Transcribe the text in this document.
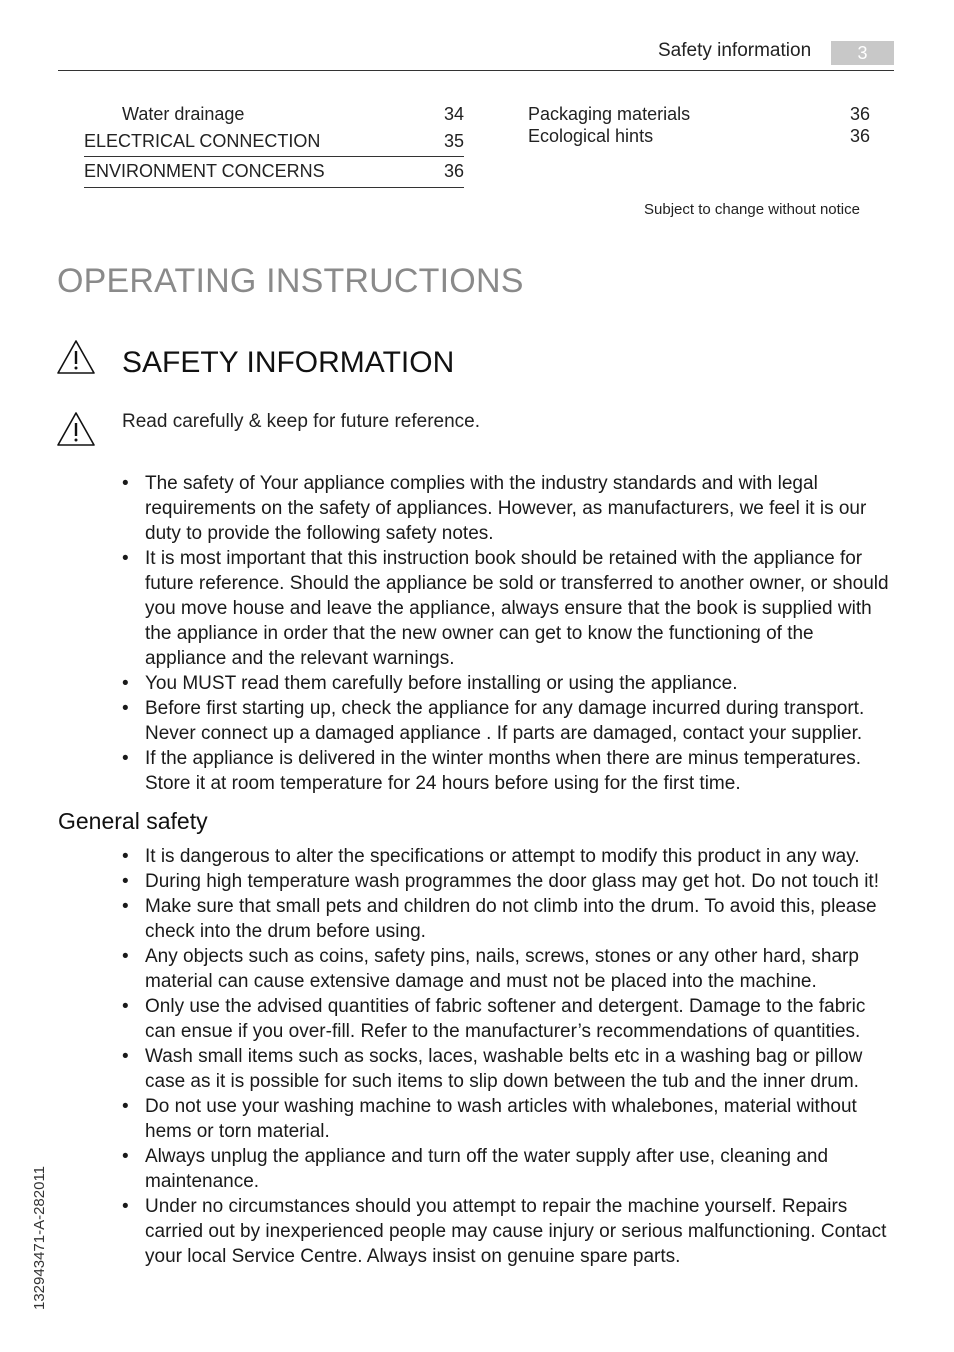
Safety information	3
Water drainage	34
ELECTRICAL CONNECTION	35
ENVIRONMENT CONCERNS	36
Packaging materials	36
Ecological hints	36
Subject to change without notice
OPERATING INSTRUCTIONS
SAFETY INFORMATION
Read carefully & keep for future reference.
• The safety of Your appliance complies with the industry standards and with legal requirements on the safety of appliances. However, as manufacturers, we feel it is our duty to provide the following safety notes.
• It is most important that this instruction book should be retained with the appliance for future reference. Should the appliance be sold or transferred to another owner, or should you move house and leave the appliance, always ensure that the book is supplied with the appliance in order that the new owner can get to know the functioning of the appliance and the relevant warnings.
• You MUST read them carefully before installing or using the appliance.
• Before first starting up, check the appliance for any damage incurred during transport. Never connect up a damaged appliance . If parts are damaged, contact your supplier.
• If the appliance is delivered in the winter months when there are minus temperatures. Store it at room temperature for 24 hours before using for the first time.
General safety
• It is dangerous to alter the specifications or attempt to modify this product in any way.
• During high temperature wash programmes the door glass may get hot. Do not touch it!
• Make sure that small pets and children do not climb into the drum. To avoid this, please check into the drum before using.
• Any objects such as coins, safety pins, nails, screws, stones or any other hard, sharp material can cause extensive damage and must not be placed into the machine.
• Only use the advised quantities of fabric softener and detergent. Damage to the fabric can ensue if you over-fill. Refer to the manufacturer’s recommendations of quantities.
• Wash small items such as socks, laces, washable belts etc in a washing bag or pillow case as it is possible for such items to slip down between the tub and the inner drum.
• Do not use your washing machine to wash articles with whalebones, material without hems or torn material.
• Always unplug the appliance and turn off the water supply after use, cleaning and maintenance.
• Under no circumstances should you attempt to repair the machine yourself. Repairs carried out by inexperienced people may cause injury or serious malfunctioning. Contact your local Service Centre. Always insist on genuine spare parts.
132943471-A-282011
